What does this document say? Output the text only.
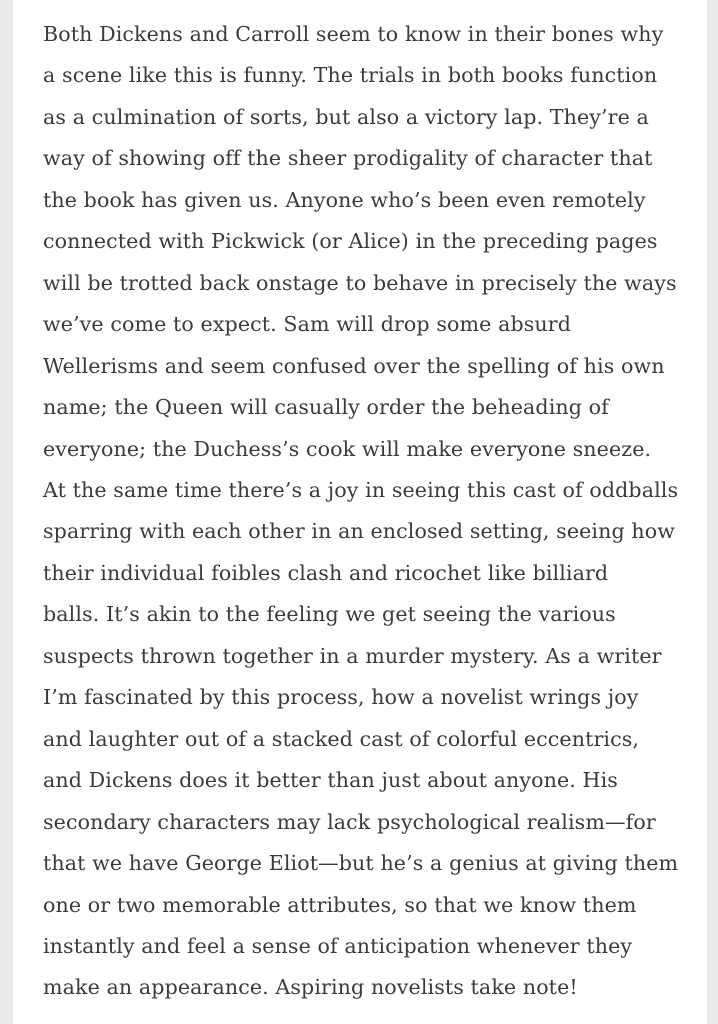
Both Dickens and Carroll seem to know in their bones why
a scene like this is funny. The trials in both books function
as a culmination of sorts, but also a victory lap. They’re a
way of showing off the sheer prodigality of character that
the book has given us. Anyone who’s been even remotely
connected with Pickwick (or Alice) in the preceding pages
will be trotted back onstage to behave in precisely the ways
we’ve come to expect. Sam will drop some absurd
Wellerisms and seem confused over the spelling of his own
name; the Queen will casually order the beheading of
everyone; the Duchess’s cook will make everyone sneeze.
At the same time there’s a joy in seeing this cast of oddballs
sparring with each other in an enclosed setting, seeing how
their individual foibles clash and ricochet like billiard
balls. It’s akin to the feeling we get seeing the various
suspects thrown together in a murder mystery. As a writer
I’m fascinated by this process, how a novelist wrings joy
and laughter out of a stacked cast of colorful eccentrics,
and Dickens does it better than just about anyone. His
secondary characters may lack psychological realism—for
that we have George Eliot—but he’s a genius at giving them
one or two memorable attributes, so that we know them
instantly and feel a sense of anticipation whenever they
make an appearance. Aspiring novelists take note!
